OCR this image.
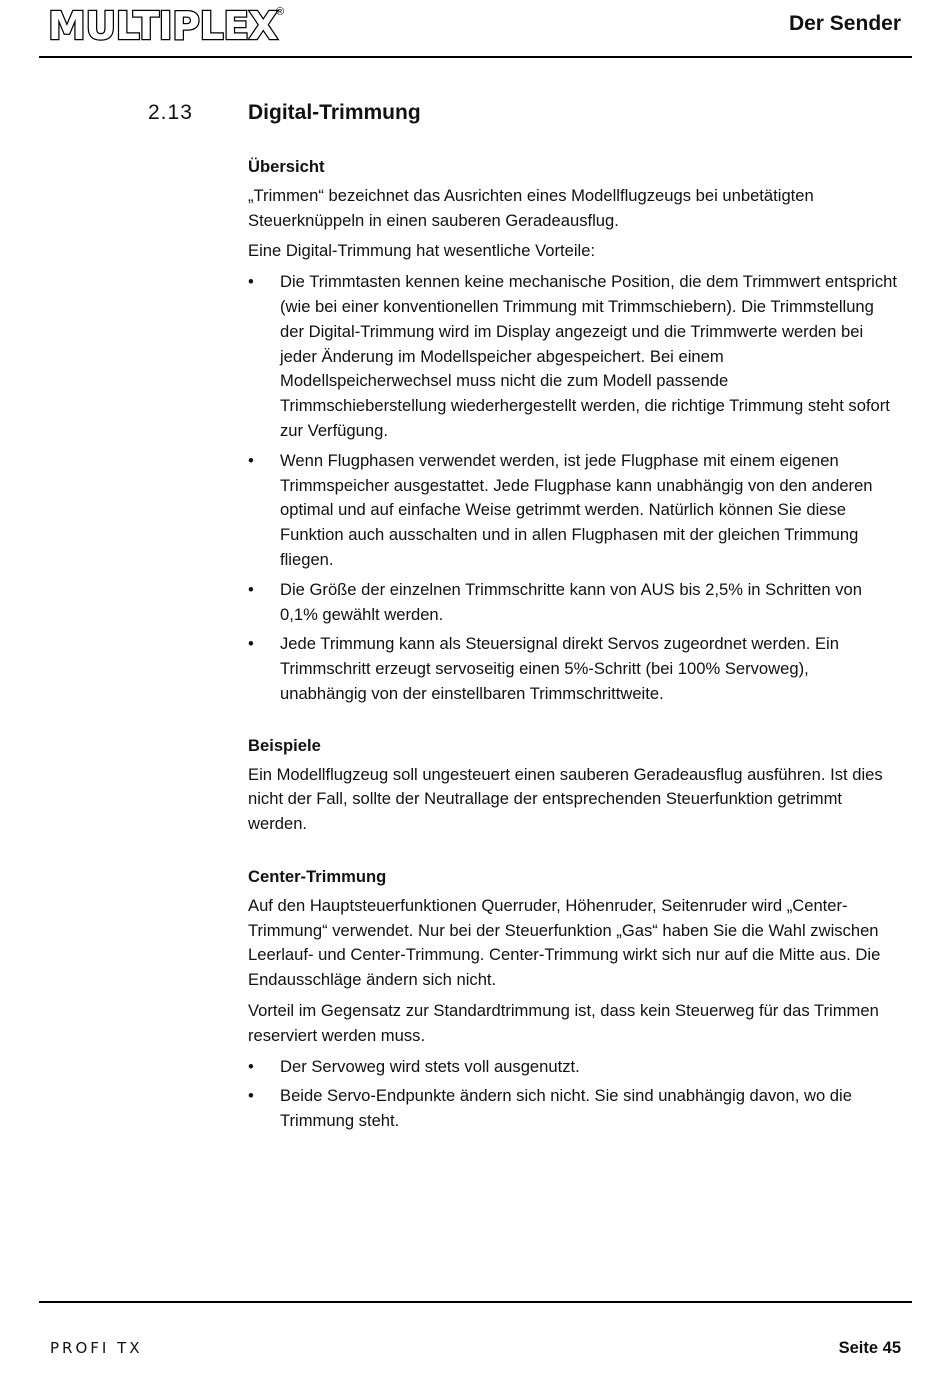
MULTIPLEX
®	Der Sender
2.13	Digital-Trimmung
Übersicht

„Trimmen“ bezeichnet das Ausrichten eines Modellflugzeugs bei unbetätigten Steuerknüppeln in einen sauberen Geradeausflug.

Eine Digital-Trimmung hat wesentliche Vorteile:

• Die Trimmtasten kennen keine mechanische Position, die dem Trimmwert entspricht (wie bei einer konventionellen Trimmung mit Trimmschiebern). Die Trimmstellung der Digital-Trimmung wird im Display angezeigt und die Trimmwerte werden bei jeder Änderung im Modellspeicher abgespeichert. Bei einem Modellspeicherwechsel muss nicht die zum Modell passende Trimmschieberstellung wiederhergestellt werden, die richtige Trimmung steht sofort zur Verfügung.
• Wenn Flugphasen verwendet werden, ist jede Flugphase mit einem eigenen Trimmspeicher ausgestattet. Jede Flugphase kann unabhängig von den anderen optimal und auf einfache Weise getrimmt werden. Natürlich können Sie diese Funktion auch ausschalten und in allen Flugphasen mit der gleichen Trimmung fliegen.
• Die Größe der einzelnen Trimmschritte kann von AUS bis 2,5% in Schritten von 0,1% gewählt werden.
• Jede Trimmung kann als Steuersignal direkt Servos zugeordnet werden. Ein Trimmschritt erzeugt servoseitig einen 5%-Schritt (bei 100% Servoweg), unabhängig von der einstellbaren Trimmschrittweite.
Beispiele

Ein Modellflugzeug soll ungesteuert einen sauberen Geradeausflug ausführen. Ist dies nicht der Fall, sollte der Neutrallage der entsprechenden Steuerfunktion getrimmt werden.

Center-Trimmung

Auf den Hauptsteuerfunktionen Querruder, Höhenruder, Seitenruder wird „Center-Trimmung“ verwendet. Nur bei der Steuerfunktion „Gas“ haben Sie die Wahl zwischen Leerlauf- und Center-Trimmung. Center-Trimmung wirkt sich nur auf die Mitte aus. Die Endausschläge ändern sich nicht.

Vorteil im Gegensatz zur Standardtrimmung ist, dass kein Steuerweg für das Trimmen reserviert werden muss.

• Der Servoweg wird stets voll ausgenutzt.
• Beide Servo-Endpunkte ändern sich nicht. Sie sind unabhängig davon, wo die Trimmung steht.
PROFI TX	Seite 45
